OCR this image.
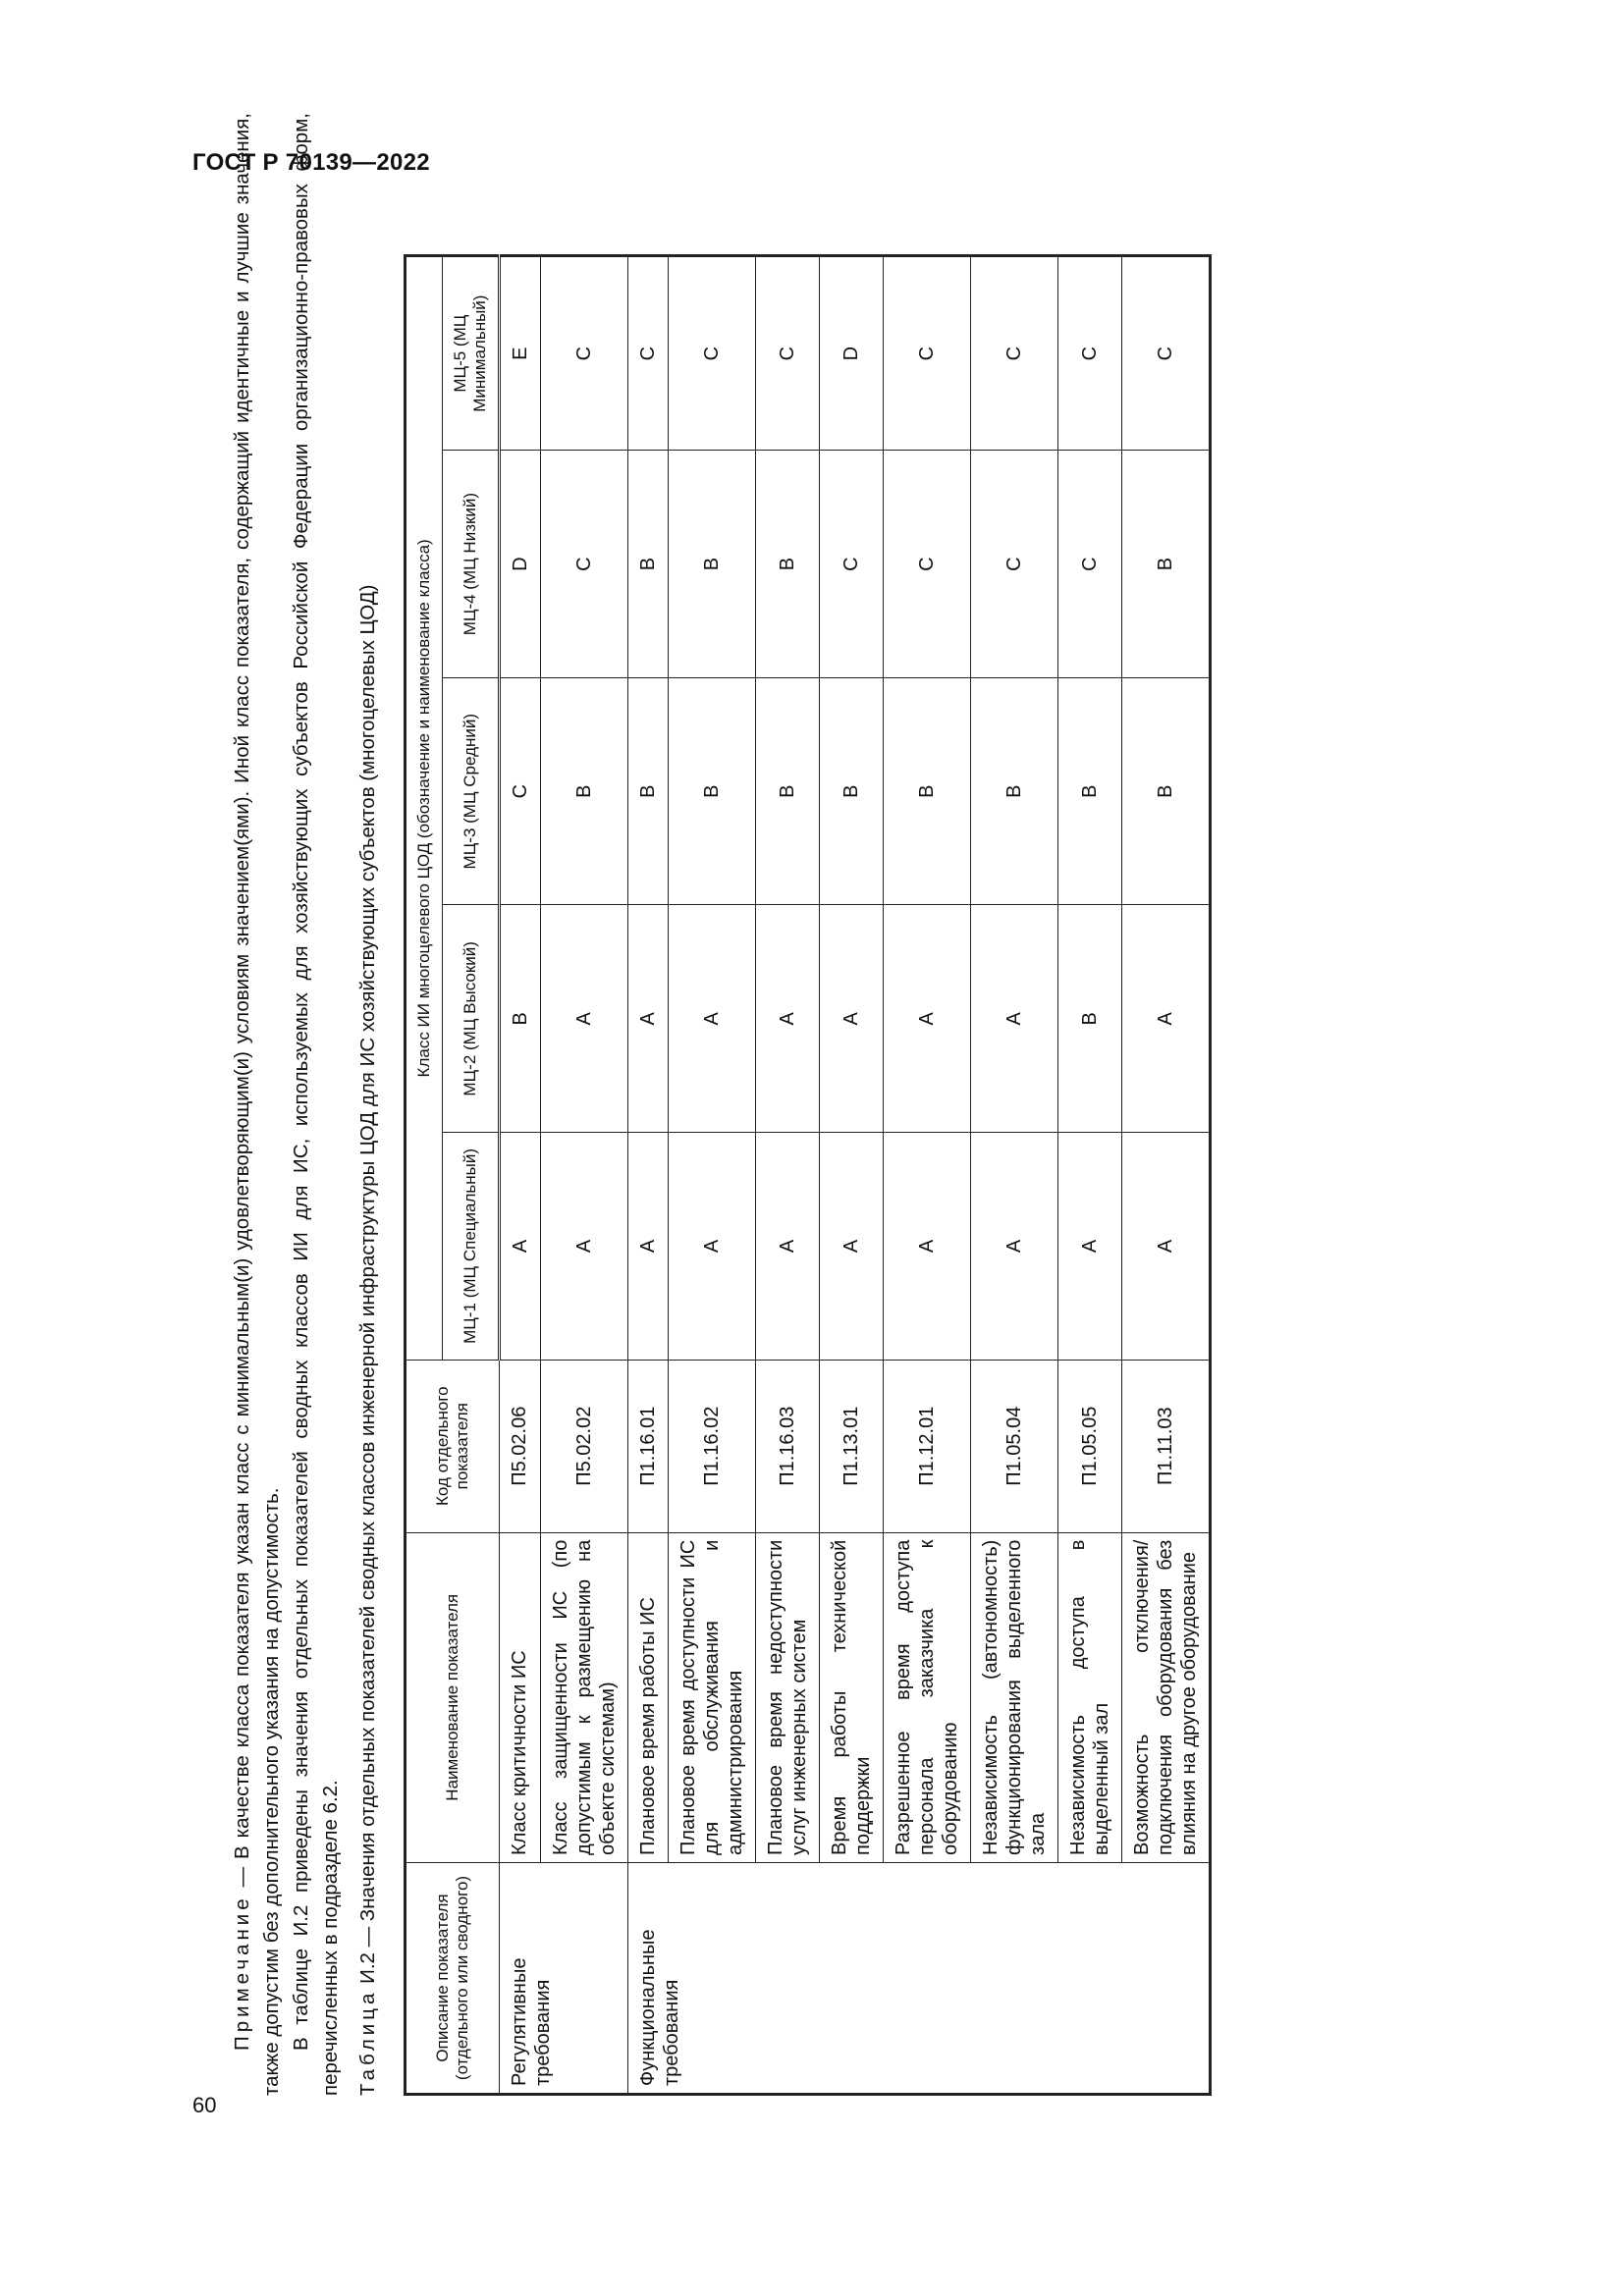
ГОСТ Р 70139—2022
60

Примечание — В качестве класса показателя указан класс с минимальным(и) удовлетворяющим(и) условиям значением(ями). Иной класс показателя, содержащий идентичные и лучшие значения, также допустим без дополнительного указания на допустимость. В таблице И.2 приведены значения отдельных показателей сводных классов ИИ для ИС, используемых для хозяйствующих субъектов Российской Федерации организационно-правовых форм, перечисленных в подразделе 6.2. Таблица И.2 — Значения отдельных показателей сводных классов инженерной инфраструктуры ЦОД для ИС хозяйствующих субъектов (многоцелевых ЦОД)	Описание показателя (отдельного или сводного)	Наименование показателя	Код отдельного показателя	Класс ИИ многоцелевого ЦОД (обозначение и наименование класса)				
			МЦ-1 (МЦ Специальный)	МЦ-2 (МЦ Высокий)	МЦ-3 (МЦ Средний)	МЦ-4 (МЦ Низкий)	МЦ-5 (МЦ Минимальный)
Регулятивные требования	Класс критичности ИС	П5.02.06	A	B	C	D	E
	Класс защищенности ИС (по допустимым к размещению на объекте системам)	П5.02.02	A	A	B	C	C
Функциональные требования	Плановое время работы ИС	П1.16.01	A	A	B	B	C
	Плановое время доступности ИС для обслуживания и администрирования	П1.16.02	A	A	B	B	C
	Плановое время недоступности услуг инженерных систем	П1.16.03	A	A	B	B	C
	Время работы технической поддержки	П1.13.01	A	A	B	C	D
	Разрешенное время доступа персонала заказчика к оборудованию	П1.12.01	A	A	B	C	C
	Независимость (автономность) функционирования выделенного зала	П1.05.04	A	A	B	C	C
	Независимость доступа в выделенный зал	П1.05.05	A	B	B	C	C
	Возможность отключения/подключения оборудования без влияния на другое оборудование	П1.11.03	A	A	B	B	C
